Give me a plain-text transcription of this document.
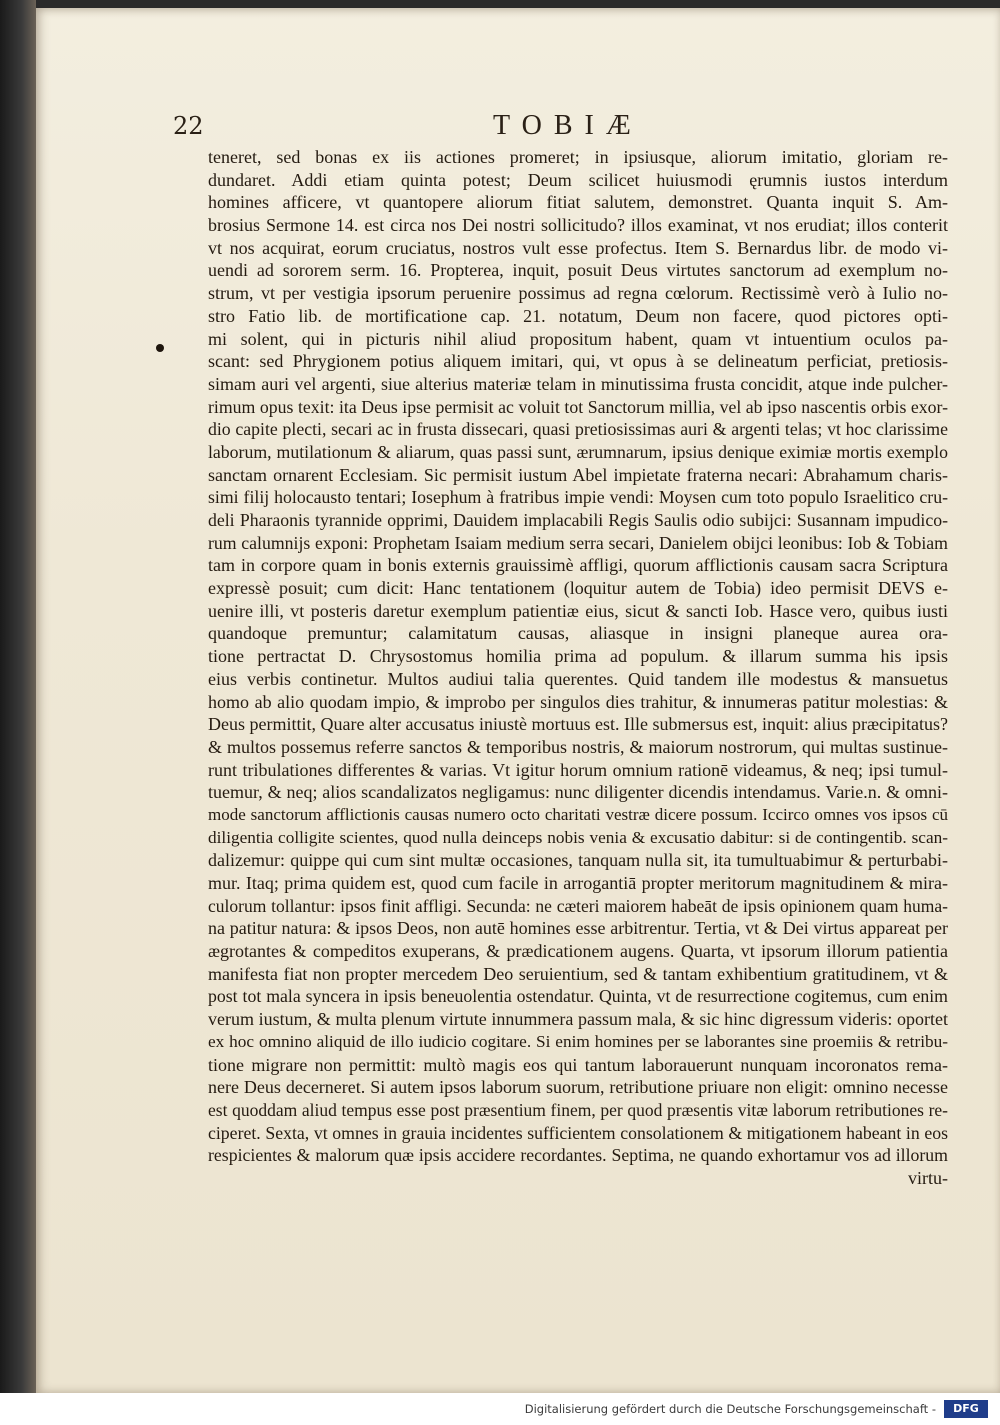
22	TOBIÆ
teneret, sed bonas ex iis actiones promeret; in ipsiusque, aliorum imitatio, gloriam re-
dundaret. Addi etiam quinta potest; Deum scilicet huiusmodi ęrumnis iustos interdum
homines afficere, vt quantopere aliorum fitiat salutem, demonstret. Quanta inquit S. Am-
brosius Sermone 14. est circa nos Dei nostri sollicitudo? illos examinat, vt nos erudiat; illos conterit
vt nos acquirat, eorum cruciatus, nostros vult esse profectus. Item S. Bernardus libr. de modo vi-
uendi ad sororem serm. 16. Propterea, inquit, posuit Deus virtutes sanctorum ad exemplum no-
strum, vt per vestigia ipsorum peruenire possimus ad regna cœlorum. Rectissimè verò à Iulio no-
stro Fatio lib. de mortificatione cap. 21. notatum, Deum non facere, quod pictores opti-
mi solent, qui in picturis nihil aliud propositum habent, quam vt intuentium oculos pa-
scant: sed Phrygionem potius aliquem imitari, qui, vt opus à se delineatum perficiat, pretiosis-
simam auri vel argenti, siue alterius materiæ telam in minutissima frusta concidit, atque inde pulcher-
rimum opus texit: ita Deus ipse permisit ac voluit tot Sanctorum millia, vel ab ipso nascentis orbis exor-
dio capite plecti, secari ac in frusta dissecari, quasi pretiosissimas auri & argenti telas; vt hoc clarissime
laborum, mutilationum & aliarum, quas passi sunt, ærumnarum, ipsius denique eximiæ mortis exemplo
sanctam ornarent Ecclesiam. Sic permisit iustum Abel impietate fraterna necari: Abrahamum charis-
simi filij holocausto tentari; Iosephum à fratribus impie vendi: Moysen cum toto populo Israelitico cru-
deli Pharaonis tyrannide opprimi, Dauidem implacabili Regis Saulis odio subijci: Susannam impudico-
rum calumnijs exponi: Prophetam Isaiam medium serra secari, Danielem obijci leonibus: Iob & Tobiam
tam in corpore quam in bonis externis grauissimè affligi, quorum afflictionis causam sacra Scriptura
expressè posuit; cum dicit: Hanc tentationem (loquitur autem de Tobia) ideo permisit DEVS e-
uenire illi, vt posteris daretur exemplum patientiæ eius, sicut & sancti Iob. Hasce vero, quibus iusti
quandoque premuntur; calamitatum causas, aliasque in insigni planeque aurea ora-
tione pertractat D. Chrysostomus homilia prima ad populum. & illarum summa his ipsis
eius verbis continetur. Multos audiui talia querentes. Quid tandem ille modestus & mansuetus
homo ab alio quodam impio, & improbo per singulos dies trahitur, & innumeras patitur molestias: &
Deus permittit, Quare alter accusatus iniustè mortuus est. Ille submersus est, inquit: alius præcipitatus?
& multos possemus referre sanctos & temporibus nostris, & maiorum nostrorum, qui multas sustinue-
runt tribulationes differentes & varias. Vt igitur horum omnium rationē videamus, & neq; ipsi tumul-
tuemur, & neq; alios scandalizatos negligamus: nunc diligenter dicendis intendamus. Varie.n. & omni-
mode sanctorum afflictionis causas numero octo charitati vestræ dicere possum. Iccirco omnes vos ipsos cū
diligentia colligite scientes, quod nulla deinceps nobis venia & excusatio dabitur: si de contingentib. scan-
dalizemur: quippe qui cum sint multæ occasiones, tanquam nulla sit, ita tumultuabimur & perturbabi-
mur. Itaq; prima quidem est, quod cum facile in arrogantiā propter meritorum magnitudinem & mira-
culorum tollantur: ipsos finit affligi. Secunda: ne cæteri maiorem habeāt de ipsis opinionem quam huma-
na patitur natura: & ipsos Deos, non autē homines esse arbitrentur. Tertia, vt & Dei virtus appareat per
ægrotantes & compeditos exuperans, & prædicationem augens. Quarta, vt ipsorum illorum patientia
manifesta fiat non propter mercedem Deo seruientium, sed & tantam exhibentium gratitudinem, vt &
post tot mala syncera in ipsis beneuolentia ostendatur. Quinta, vt de resurrectione cogitemus, cum enim
verum iustum, & multa plenum virtute innummera passum mala, & sic hinc digressum videris: oportet
ex hoc omnino aliquid de illo iudicio cogitare. Si enim homines per se laborantes sine proemiis & retribu-
tione migrare non permittit: multò magis eos qui tantum laborauerunt nunquam incoronatos rema-
nere Deus decerneret. Si autem ipsos laborum suorum, retributione priuare non eligit: omnino necesse
est quoddam aliud tempus esse post præsentium finem, per quod præsentis vitæ laborum retributiones re-
ciperet. Sexta, vt omnes in grauia incidentes sufficientem consolationem & mitigationem habeant in eos
respicientes & malorum quæ ipsis accidere recordantes. Septima, ne quando exhortamur vos ad illorum
virtu-
Digitalisierung gefördert durch die Deutsche Forschungsgemeinschaft -	DFG
